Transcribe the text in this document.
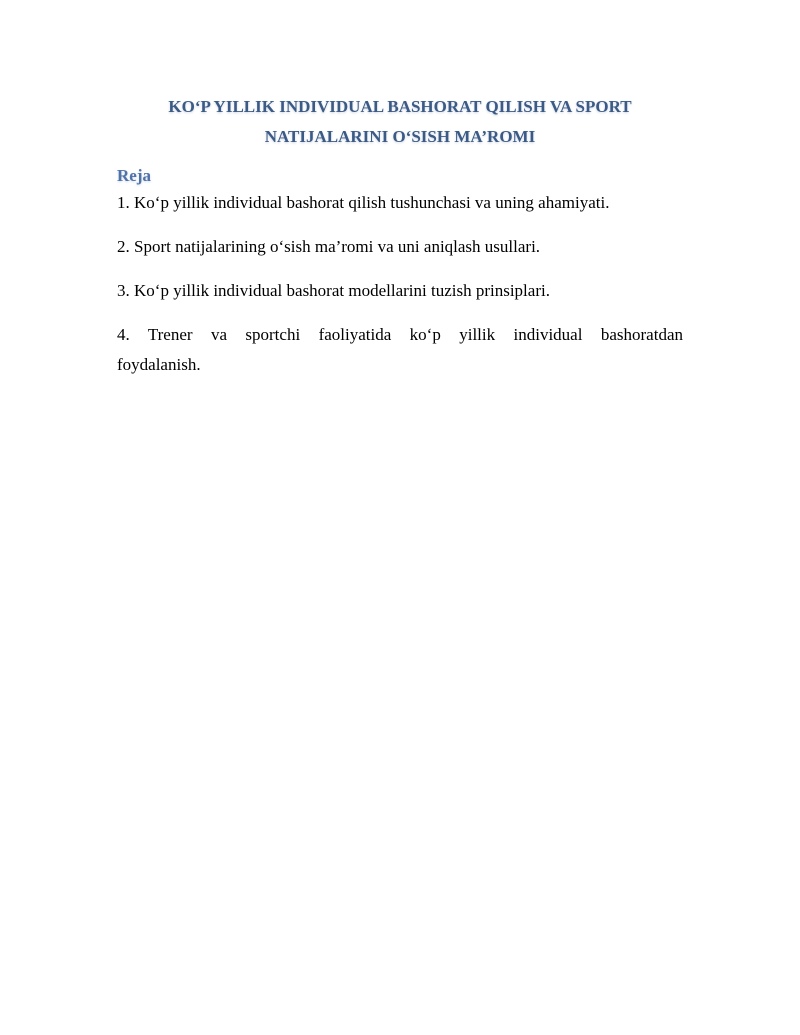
KO‘P YILLIK INDIVIDUAL BASHORAT QILISH VA SPORT
NATIJALARINI O‘SISH MA’ROMI
Reja
1. Ko‘p yillik individual bashorat qilish tushunchasi va uning ahamiyati.
2. Sport natijalarining o‘sish ma’romi va uni aniqlash usullari.
3. Ko‘p yillik individual bashorat modellarini tuzish prinsiplari.
4. Trener va sportchi faoliyatida ko‘p yillik individual bashoratdan
foydalanish.
